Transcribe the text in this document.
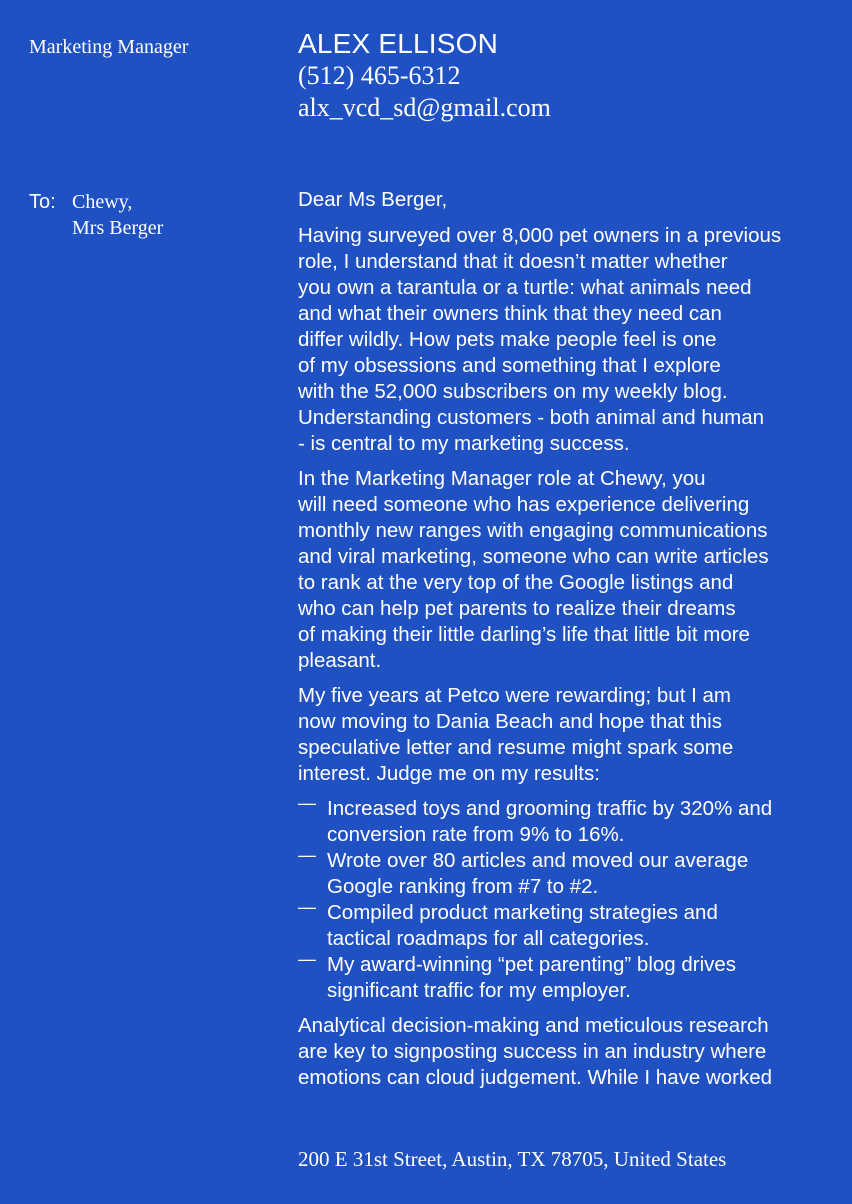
Marketing Manager	ALEX ELLISON
(512) 465-6312
alx_vcd_sd@gmail.com
To: Chewy,
Mrs Berger
Dear Ms Berger,

Having surveyed over 8,000 pet owners in a previous
role, I understand that it doesn’t matter whether
you own a tarantula or a turtle: what animals need
and what their owners think that they need can
differ wildly. How pets make people feel is one
of my obsessions and something that I explore
with the 52,000 subscribers on my weekly blog.
Understanding customers - both animal and human
- is central to my marketing success.

In the Marketing Manager role at Chewy, you
will need someone who has experience delivering
monthly new ranges with engaging communications
and viral marketing, someone who can write articles
to rank at the very top of the Google listings and
who can help pet parents to realize their dreams
of making their little darling’s life that little bit more
pleasant.

My five years at Petco were rewarding; but I am
now moving to Dania Beach and hope that this
speculative letter and resume might spark some
interest. Judge me on my results:

— Increased toys and grooming traffic by 320% and
conversion rate from 9% to 16%.
— Wrote over 80 articles and moved our average
Google ranking from #7 to #2.
— Compiled product marketing strategies and
tactical roadmaps for all categories.
— My award-winning “pet parenting” blog drives
significant traffic for my employer.

Analytical decision-making and meticulous research
are key to signposting success in an industry where
emotions can cloud judgement. While I have worked

200 E 31st Street, Austin, TX 78705, United States
